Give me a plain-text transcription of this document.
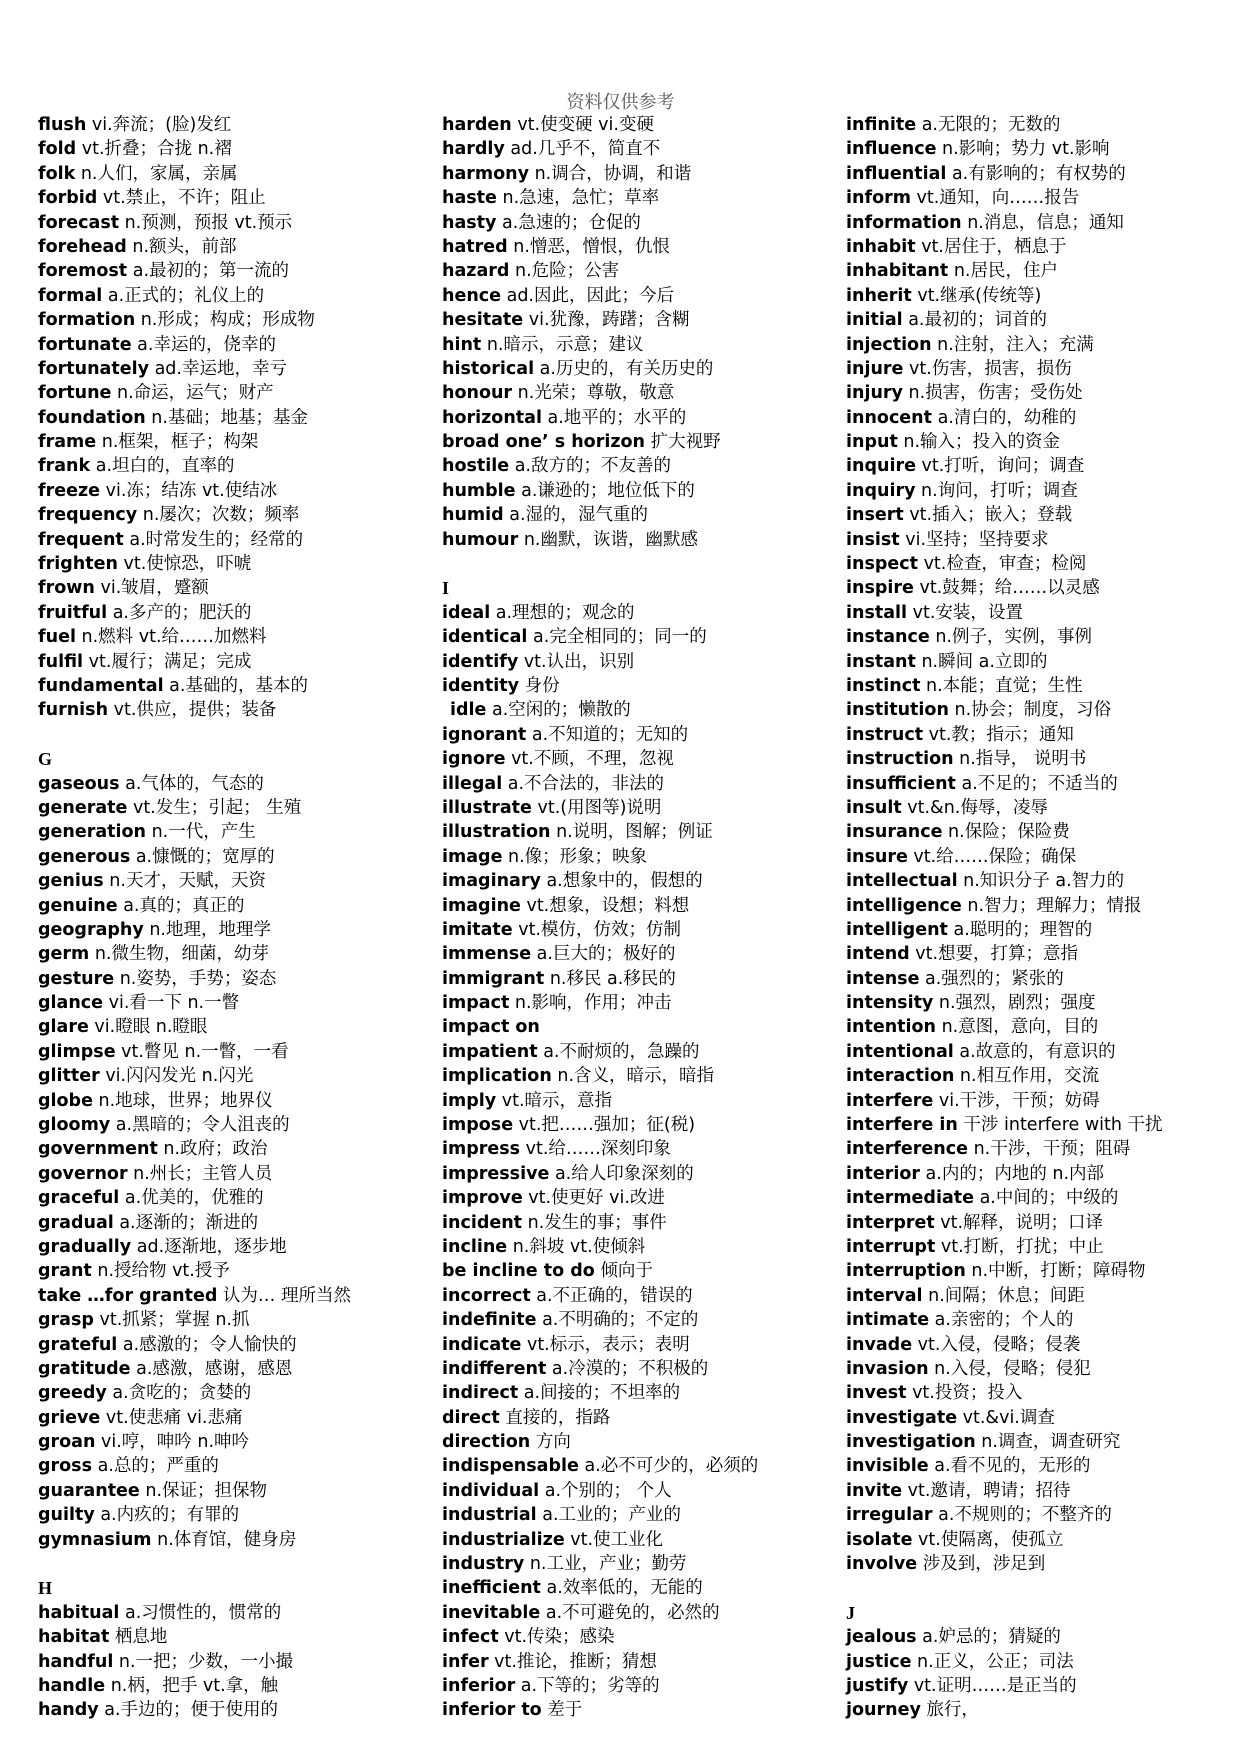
资料仅供参考
flush vi.奔流；(脸)发红
fold vt.折叠；合拢 n.褶
folk n.人们，家属，亲属
forbid vt.禁止，不许；阻止
forecast n.预测，预报 vt.预示
forehead n.额头，前部
foremost a.最初的；第一流的
formal a.正式的；礼仪上的
formation n.形成；构成；形成物
fortunate a.幸运的，侥幸的
fortunately ad.幸运地，幸亏
fortune n.命运，运气；财产
foundation n.基础；地基；基金
frame n.框架，框子；构架
frank a.坦白的，直率的
freeze vi.冻；结冻 vt.使结冰
frequency n.屡次；次数；频率
frequent a.时常发生的；经常的
frighten vt.使惊恐，吓唬
frown vi.皱眉，蹙额
fruitful a.多产的；肥沃的
fuel n.燃料 vt.给……加燃料
fulfil vt.履行；满足；完成
fundamental a.基础的，基本的
furnish vt.供应，提供；装备
G
gaseous a.气体的，气态的
generate vt.发生；引起； 生殖
generation n.一代，产生
generous a.慷慨的；宽厚的
genius n.天才，天赋，天资
genuine a.真的；真正的
geography n.地理，地理学
germ n.微生物，细菌，幼芽
gesture n.姿势，手势；姿态
glance vi.看一下 n.一瞥
glare vi.瞪眼 n.瞪眼
glimpse vt.瞥见 n.一瞥，一看
glitter vi.闪闪发光 n.闪光
globe n.地球，世界；地界仪
gloomy a.黑暗的；令人沮丧的
government n.政府；政治
governor n.州长；主管人员
graceful a.优美的，优雅的
gradual a.逐渐的；渐进的
gradually ad.逐渐地，逐步地
grant n.授给物 vt.授予
take …for granted 认为… 理所当然
grasp vt.抓紧；掌握 n.抓
grateful a.感激的；令人愉快的
gratitude a.感激，感谢，感恩
greedy a.贪吃的；贪婪的
grieve vt.使悲痛 vi.悲痛
groan vi.哼，呻吟 n.呻吟
gross a.总的；严重的
guarantee n.保证；担保物
guilty a.内疚的；有罪的
gymnasium n.体育馆，健身房
H
habitual a.习惯性的，惯常的
habitat 栖息地
handful n.一把；少数，一小撮
handle n.柄，把手 vt.拿，触
handy a.手边的；便于使用的
harden vt.使变硬 vi.变硬
hardly ad.几乎不，简直不
harmony n.调合，协调，和谐
haste n.急速，急忙；草率
hasty a.急速的；仓促的
hatred n.憎恶，憎恨，仇恨
hazard n.危险；公害
hence ad.因此，因此；今后
hesitate vi.犹豫，踌躇；含糊
hint n.暗示，示意；建议
historical a.历史的，有关历史的
honour n.光荣；尊敬，敬意
horizontal a.地平的；水平的
broad one’ s horizon 扩大视野
hostile a.敌方的；不友善的
humble a.谦逊的；地位低下的
humid a.湿的，湿气重的
humour n.幽默，诙谐，幽默感
I
ideal a.理想的；观念的
identical a.完全相同的；同一的
identify vt.认出，识别
identity 身份
idle a.空闲的；懒散的
ignorant a.不知道的；无知的
ignore vt.不顾，不理，忽视
illegal a.不合法的，非法的
illustrate vt.(用图等)说明
illustration n.说明，图解；例证
image n.像；形象；映象
imaginary a.想象中的，假想的
imagine vt.想象，设想；料想
imitate vt.模仿，仿效；仿制
immense a.巨大的；极好的
immigrant n.移民 a.移民的
impact n.影响，作用；冲击
impact on
impatient a.不耐烦的，急躁的
implication n.含义，暗示，暗指
imply vt.暗示，意指
impose vt.把……强加；征(税)
impress vt.给……深刻印象
impressive a.给人印象深刻的
improve vt.使更好 vi.改进
incident n.发生的事；事件
incline n.斜坡 vt.使倾斜
be incline to do 倾向于
incorrect a.不正确的，错误的
indefinite a.不明确的；不定的
indicate vt.标示，表示；表明
indifferent a.冷漠的；不积极的
indirect a.间接的；不坦率的
direct 直接的，指路
direction 方向
indispensable a.必不可少的，必须的
individual a.个别的； 个人
industrial a.工业的；产业的
industrialize vt.使工业化
industry n.工业，产业；勤劳
inefficient a.效率低的，无能的
inevitable a.不可避免的，必然的
infect vt.传染；感染
infer vt.推论，推断；猜想
inferior a.下等的；劣等的
inferior to 差于
infinite a.无限的；无数的
influence n.影响；势力 vt.影响
influential a.有影响的；有权势的
inform vt.通知，向……报告
information n.消息，信息；通知
inhabit vt.居住于，栖息于
inhabitant n.居民，住户
inherit vt.继承(传统等)
initial a.最初的；词首的
injection n.注射，注入；充满
injure vt.伤害，损害，损伤
injury n.损害，伤害；受伤处
innocent a.清白的，幼稚的
input n.输入；投入的资金
inquire vt.打听，询问；调查
inquiry n.询问，打听；调查
insert vt.插入；嵌入；登载
insist vi.坚持；坚持要求
inspect vt.检查，审查；检阅
inspire vt.鼓舞；给……以灵感
install vt.安装，设置
instance n.例子，实例，事例
instant n.瞬间 a.立即的
instinct n.本能；直觉；生性
institution n.协会；制度，习俗
instruct vt.教；指示；通知
instruction n.指导， 说明书
insufficient a.不足的；不适当的
insult vt.&n.侮辱，凌辱
insurance n.保险；保险费
insure vt.给……保险；确保
intellectual n.知识分子 a.智力的
intelligence n.智力；理解力；情报
intelligent a.聪明的；理智的
intend vt.想要，打算；意指
intense a.强烈的；紧张的
intensity n.强烈，剧烈；强度
intention n.意图，意向，目的
intentional a.故意的，有意识的
interaction n.相互作用，交流
interfere vi.干涉，干预；妨碍
interfere in 干涉 interfere with 干扰
interference n.干涉，干预；阻碍
interior a.内的；内地的 n.内部
intermediate a.中间的；中级的
interpret vt.解释，说明；口译
interrupt vt.打断，打扰；中止
interruption n.中断，打断；障碍物
interval n.间隔；休息；间距
intimate a.亲密的；个人的
invade vt.入侵，侵略；侵袭
invasion n.入侵，侵略；侵犯
invest vt.投资；投入
investigate vt.&vi.调查
investigation n.调查，调查研究
invisible a.看不见的，无形的
invite vt.邀请，聘请；招待
irregular a.不规则的；不整齐的
isolate vt.使隔离，使孤立
involve 涉及到，涉足到
J
jealous a.妒忌的；猜疑的
justice n.正义，公正；司法
justify vt.证明……是正当的
journey 旅行，
